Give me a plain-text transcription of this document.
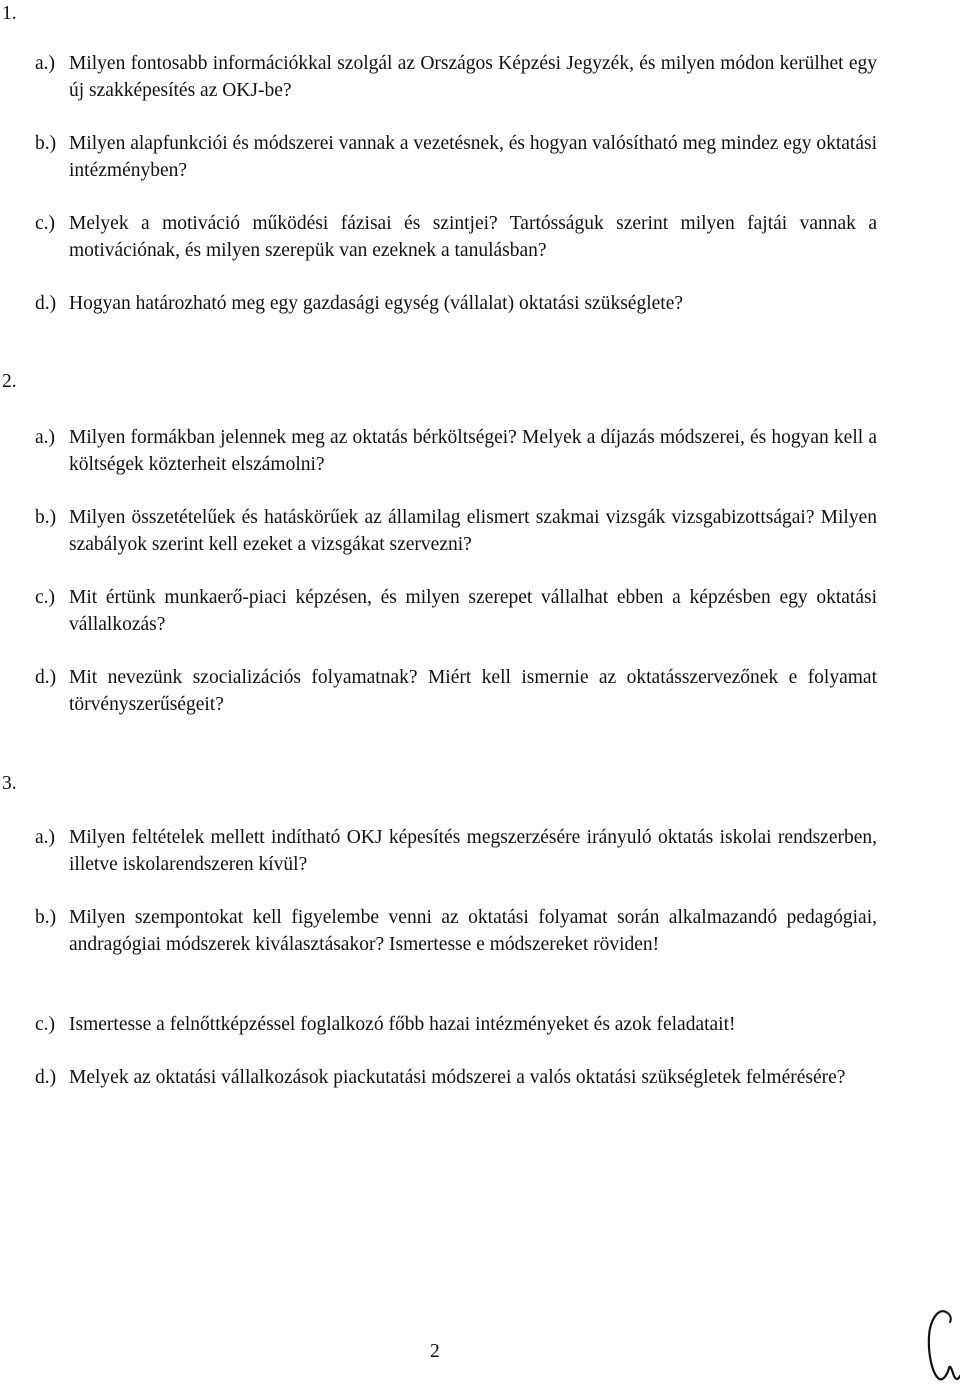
1.
a.) Milyen fontosabb információkkal szolgál az Országos Képzési Jegyzék, és milyen módon kerülhet egy új szakképesítés az OKJ-be?
b.) Milyen alapfunkciói és módszerei vannak a vezetésnek, és hogyan valósítható meg mindez egy oktatási intézményben?
c.) Melyek a motiváció működési fázisai és szintjei? Tartósságuk szerint milyen fajtái vannak a motivációnak, és milyen szerepük van ezeknek a tanulásban?
d.) Hogyan határozható meg egy gazdasági egység (vállalat) oktatási szükséglete?
2.
a.) Milyen formákban jelennek meg az oktatás bérköltségei? Melyek a díjazás módszerei, és hogyan kell a költségek közterheit elszámolni?
b.) Milyen összetételűek és hatáskörűek az államilag elismert szakmai vizsgák vizsgabizottságai? Milyen szabályok szerint kell ezeket a vizsgákat szervezni?
c.) Mit értünk munkaerő-piaci képzésen, és milyen szerepet vállalhat ebben a képzésben egy oktatási vállalkozás?
d.) Mit nevezünk szocializációs folyamatnak? Miért kell ismernie az oktatásszervezőnek e folyamat törvényszerűségeit?
3.
a.) Milyen feltételek mellett indítható OKJ képesítés megszerzésére irányuló oktatás iskolai rendszerben, illetve iskolarendszeren kívül?
b.) Milyen szempontokat kell figyelembe venni az oktatási folyamat során alkalmazandó pedagógiai, andragógiai módszerek kiválasztásakor? Ismertesse e módszereket röviden!
c.) Ismertesse a felnőttképzéssel foglalkozó főbb hazai intézményeket és azok feladatait!
d.) Melyek az oktatási vállalkozások piackutatási módszerei a valós oktatási szükségletek felmérésére?
2
